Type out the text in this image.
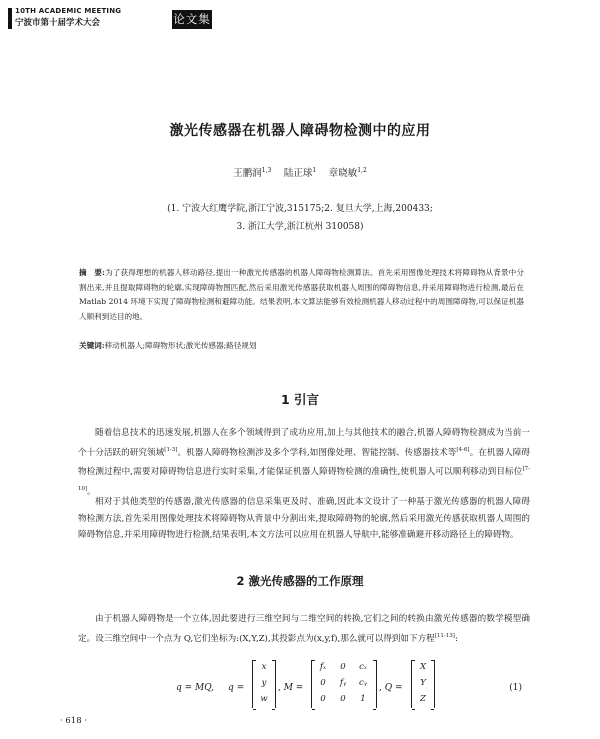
10TH ACADEMIC MEETING
宁波市第十届学术大会	论文集
激光传感器在机器人障碍物检测中的应用
王鹏润$^{1,3}$  陆正球$^1$  章晓敏$^{1,2}$
(1. 宁波大红鹰学院,浙江宁波,315175;2. 复旦大学,上海,200433;
3. 浙江大学,浙江杭州 310058)
摘　要:为了获得理想的机器人移动路径,提出一种激光传感器的机器人障碍物检测算法。首先采用图像处理技术将障碍物从背景中分割出来,并且提取障碍物的轮廓,实现障碍物图匹配,然后采用激光传感器获取机器人周围的障碍物信息,并采用障碍物进行检测,最后在 Matlab 2014 环境下实现了障碍物检测和避障功能。结果表明,本文算法能够有效检测机器人移动过程中的周围障碍物,可以保证机器人顺利到达目的地。
关键词:移动机器人;障碍物形状;激光传感器;路径规划
1 引言
随着信息技术的迅速发展,机器人在多个领域得到了成功应用,加上与其他技术的融合,机器人障碍物检测成为当前一个十分活跃的研究领域[1-3]。机器人障碍物检测涉及多个学科,如图像处理、智能控制、传感器技术等[4-6]。在机器人障碍物检测过程中,需要对障碍物信息进行实时采集,才能保证机器人障碍物检测的准确性,使机器人可以顺利移动到目标位[7-10]。
相对于其他类型的传感器,激光传感器的信息采集更及时、准确,因此本文设计了一种基于激光传感器的机器人障碍物检测方法,首先采用图像处理技术将障碍物从背景中分割出来,提取障碍物的轮廓,然后采用激光传感获取机器人周围的障碍物信息,并采用障碍物进行检测,结果表明,本文方法可以应用在机器人导航中,能够准确避开移动路径上的障碍物。
2 激光传感器的工作原理
由于机器人障碍物是一个立体,因此要进行三维空间与二维空间的转换,它们之间的转换由激光传感器的数学模型确定。设三维空间中一个点为 Q,它们坐标为:(X,Y,Z),其投影点为(x,y,f),那么就可以得到如下方程[11-13]:
q = MQ, q =
x
y
w
, M =
fₓ	0	cₓ
0	fᵧ	cᵧ
0	0	1
, Q =
X
Y
Z
(1)
· 618 ·
